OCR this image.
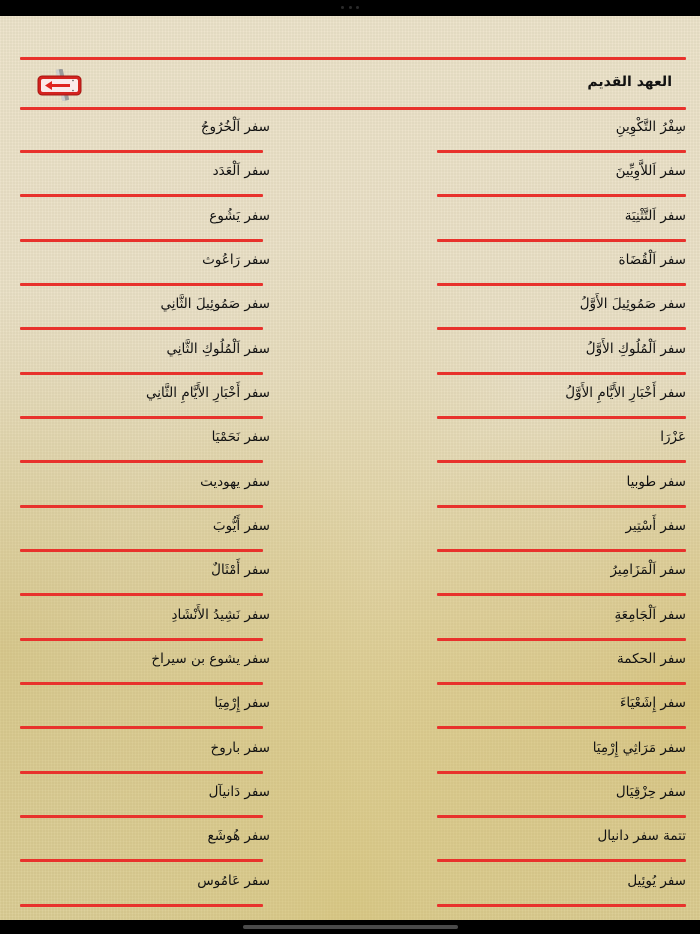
العهد القديم
سِفْرُ التَّكْوِينِ
سفر اَللاَّوِيِّينَ
سفر اَلتَّثْنِيَة
سفر اَلْقُضَاة
سفر صَمُوئِيلَ الأَوَّلُ
سفر اَلْمُلُوكِ الأَوَّلُ
سفر أَخْبَارِ الأَيَّامِ الأَوَّلُ
عَزْرَا
سفر طوبيا
سفر أَسْتِير
سفر اَلْمَزَامِيرُ
سفر اَلْجَامِعَةِ
سفر الحكمة
سفر إِشَعْيَاءَ
سفر مَرَاثِي إِرْمِيَا
سفر حِزْقِيَال
تتمة سفر دانيال
سفر يُوئِيل
سفر اَلْخُرُوجُ
سفر اَلْعَدَد
سفر يَشُوع
سفر رَاعُوث
سفر صَمُوئِيلَ الثَّانِي
سفر اَلْمُلُوكِ الثَّانِي
سفر أَخْبَارِ الأَيَّامِ الثَّانِي
سفر نَحَمْيَا
سفر يهوديت
سفر أَيُّوبَ
سفر أَمْثَالٌ
سفر نَشِيدُ الأَنْشَادِ
سفر يشوع بن سيراخ
سفر إِرْمِيَا
سفر باروخ
سفر دَانيآل
سفر هُوشَع
سفر عَامُوس
